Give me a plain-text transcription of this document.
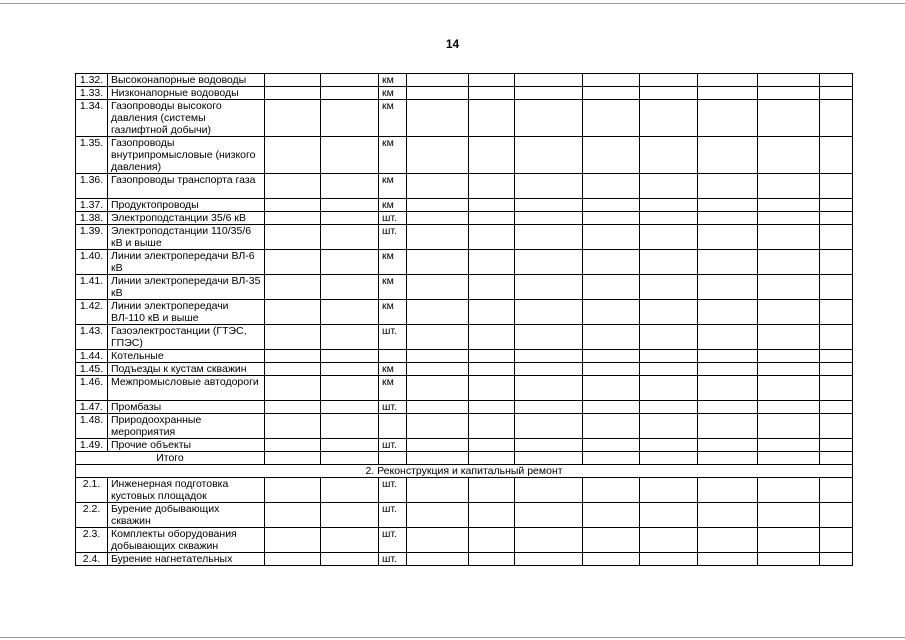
14
1.32.	Высоконапорные водоводы			км								
1.33.	Низконапорные водоводы			км								
1.34.	Газопроводы высокого давления (системы газлифтной добычи)			км								
1.35.	Газопроводы внутрипромысловые (низкого давления)			км								
1.36.	Газопроводы транспорта газа			км								
1.37.	Продуктопроводы			км								
1.38.	Электроподстанции 35/6 кВ			шт.								
1.39.	Электроподстанции 110/35/6 кВ и выше			шт.								
1.40.	Линии электропередачи ВЛ-6 кВ			км								
1.41.	Линии электропередачи ВЛ-35 кВ			км								
1.42.	Линии электропередачи ВЛ-110 кВ и выше			км								
1.43.	Газоэлектростанции (ГТЭС, ГПЭС)			шт.								
1.44.	Котельные											
1.45.	Подъезды к кустам скважин			км								
1.46.	Межпромысловые автодороги			км								
1.47.	Промбазы			шт.								
1.48.	Природоохранные мероприятия											
1.49.	Прочие объекты			шт.								
Итого												
2. Реконструкция и капитальный ремонт												
2.1.	Инженерная подготовка кустовых площадок			шт.								
2.2.	Бурение добывающих скважин			шт.								
2.3.	Комплекты оборудования добывающих скважин			шт.								
2.4.	Бурение нагнетательных			шт.								
